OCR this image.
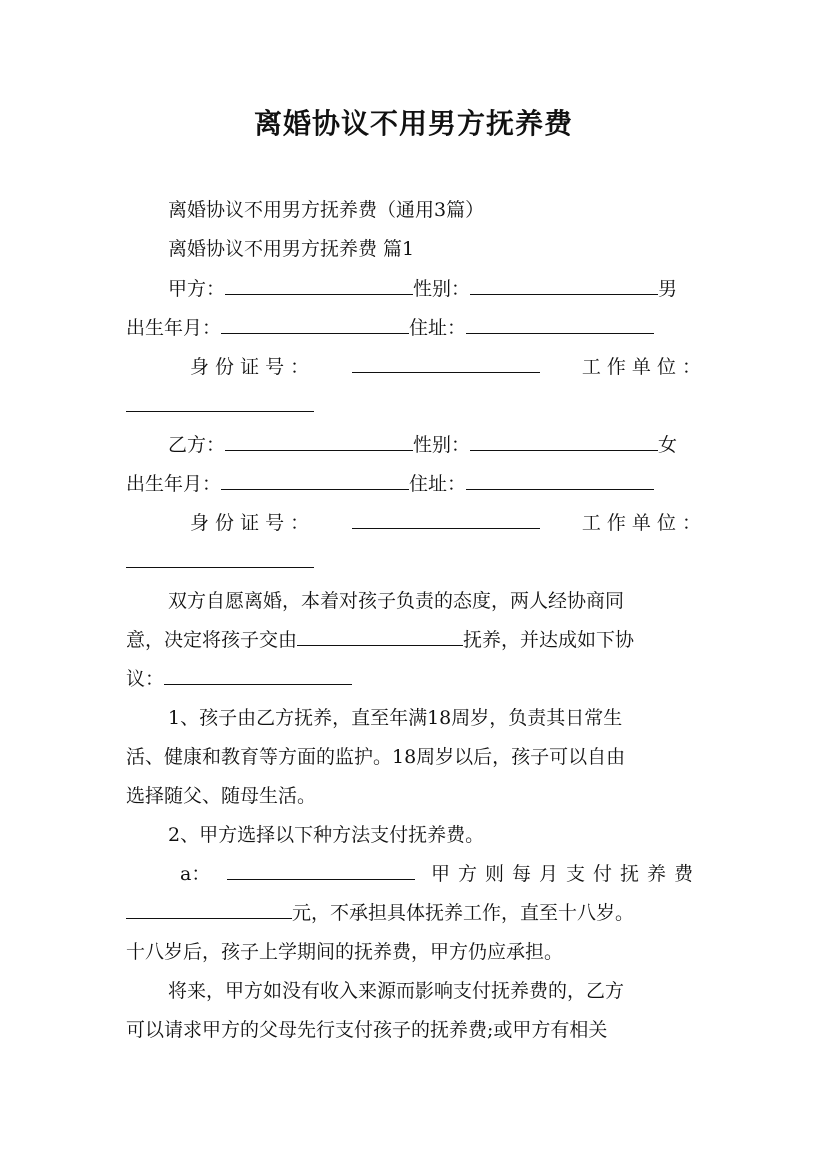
离婚协议不用男方抚养费
离婚协议不用男方抚养费（通用3篇）
离婚协议不用男方抚养费 篇1
甲方：	性别：	男
出生年月：	住址：
身 份 证 号 ：	工 作 单 位 ：
乙方：	性别：	女
出生年月：	住址：
身 份 证 号 ：	工 作 单 位 ：
双方自愿离婚，本着对孩子负责的态度，两人经协商同
意，决定将孩子交由	抚养，并达成如下协
议：
1、孩子由乙方抚养，直至年满18周岁，负责其日常生
活、健康和教育等方面的监护。18周岁以后，孩子可以自由
选择随父、随母生活。
2、甲方选择以下种方法支付抚养费。
a：	甲方则每月支付抚养费
元，不承担具体抚养工作，直至十八岁。
十八岁后，孩子上学期间的抚养费，甲方仍应承担。
将来，甲方如没有收入来源而影响支付抚养费的，乙方
可以请求甲方的父母先行支付孩子的抚养费;或甲方有相关
